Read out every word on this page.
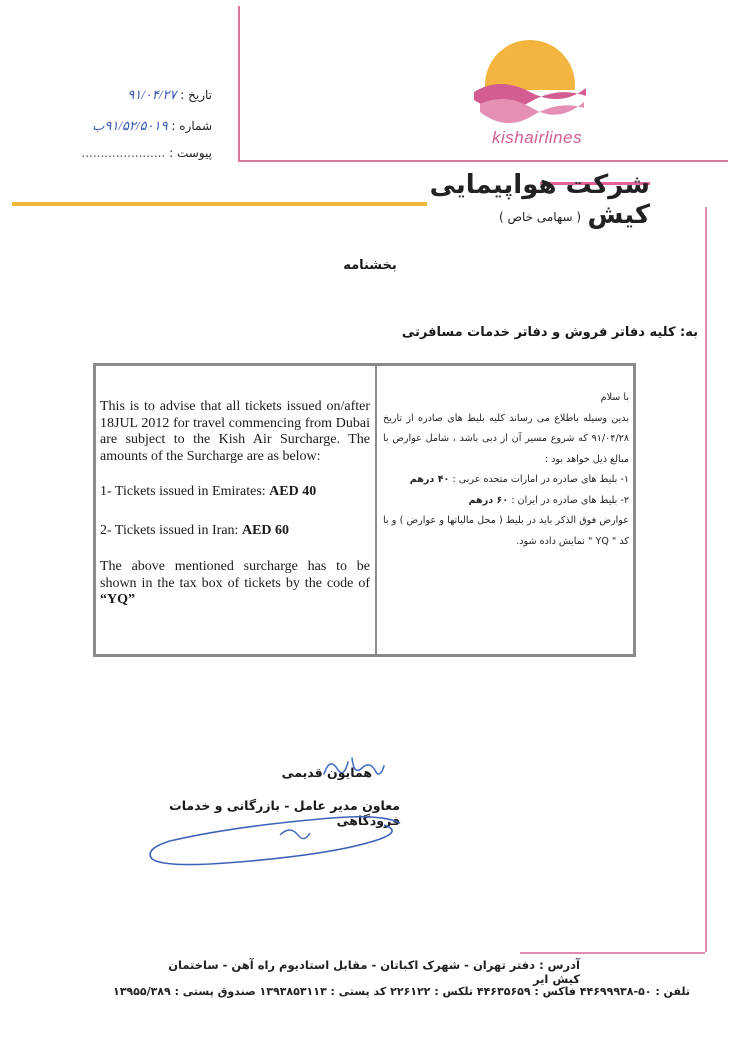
kishairlines
تاریخ : ۹۱/۰۴/۲۷
شماره : ۹۱/۵۲/۵۰۱۹ب
پیوست : ......................
شرکت هواپیمایی کیش
( سهامی خاص )
بخشنامه
به: کلیه دفاتر فروش و دفاتر خدمات مسافرتی

This is to advise that all tickets issued on/after 18JUL 2012 for travel commencing from Dubai are subject to the Kish Air Surcharge. The amounts of the Surcharge are as below:

1- Tickets issued in Emirates: AED 40

2- Tickets issued in Iran: AED 60

The above mentioned surcharge has to be shown in the tax box of tickets by the code of “YQ”

با سلام

بدین وسیله باطلاع می رساند کلیه بلیط های صادره از تاریخ ۹۱/۰۴/۲۸ که شروع مسیر آن از دبی باشد ، شامل عوارض با مبالغ ذیل خواهد بود :

۱- بلیط های صادره در امارات متحده عربی : ۴۰ درهم

۲- بلیط های صادره در ایران : ۶۰ درهم

عوارض فوق الذکر باید در بلیط ( محل مالیاتها و عوارض ) و با کد " YQ " نمایش داده شود.

همایون قدیمی
معاون مدیر عامل - بازرگانی و خدمات فرودگاهی
آدرس : دفتر تهران - شهرک اکباتان - مقابل استادیوم راه آهن - ساختمان کیش ایر
تلفن : ۵۰-۴۴۶۹۹۹۳۸ فاکس : ۴۴۶۳۵۶۵۹ تلکس : ۲۲۶۱۲۲ کد پستی : ۱۳۹۳۸۵۳۱۱۳ صندوق پستی : ۱۳۹۵۵/۳۸۹
